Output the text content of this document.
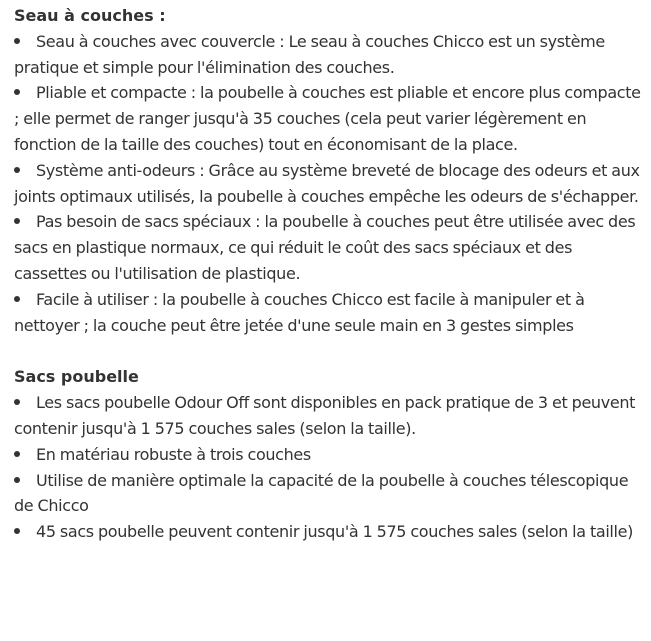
Seau à couches :

Seau à couches avec couvercle : Le seau à couches Chicco est un système pratique et simple pour l'élimination des couches.
Pliable et compacte : la poubelle à couches est pliable et encore plus compacte ; elle permet de ranger jusqu'à 35 couches (cela peut varier légèrement en fonction de la taille des couches) tout en économisant de la place.
Système anti-odeurs : Grâce au système breveté de blocage des odeurs et aux joints optimaux utilisés, la poubelle à couches empêche les odeurs de s'échapper.
Pas besoin de sacs spéciaux : la poubelle à couches peut être utilisée avec des sacs en plastique normaux, ce qui réduit le coût des sacs spéciaux et des cassettes ou l'utilisation de plastique.
Facile à utiliser : la poubelle à couches Chicco est facile à manipuler et à nettoyer ; la couche peut être jetée d'une seule main en 3 gestes simples

Sacs poubelle

Les sacs poubelle Odour Off sont disponibles en pack pratique de 3 et peuvent contenir jusqu'à 1 575 couches sales (selon la taille).
En matériau robuste à trois couches
Utilise de manière optimale la capacité de la poubelle à couches télescopique de Chicco
45 sacs poubelle peuvent contenir jusqu'à 1 575 couches sales (selon la taille)
